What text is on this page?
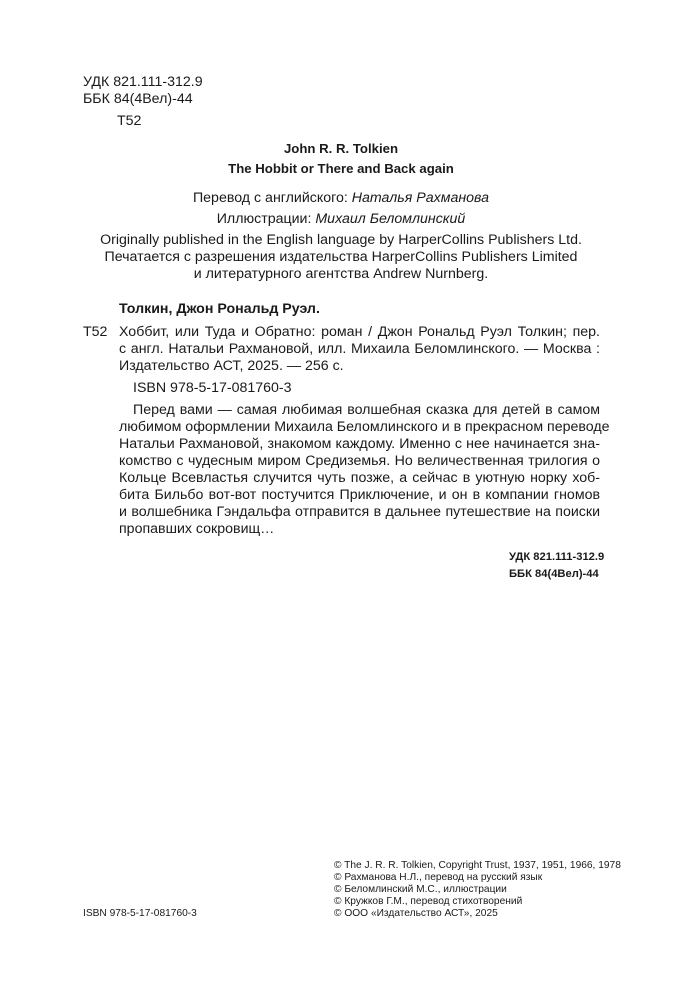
УДК 821.111-312.9
ББК 84(4Вел)-44
Т52
John R. R. Tolkien
The Hobbit or There and Back again
Перевод с английского: Наталья Рахманова
Иллюстрации: Михаил Беломлинский
Originally published in the English language by HarperCollins Publishers Ltd.
Печатается с разрешения издательства HarperCollins Publishers Limited
и литературного агентства Andrew Nurnberg.
Толкин, Джон Рональд Руэл.
Т52 Хоббит, или Туда и Обратно: роман / Джон Рональд Руэл Толкин; пер.
с англ. Натальи Рахмановой, илл. Михаила Беломлинского. — Москва :
Издательство АСТ, 2025. — 256 с.
ISBN 978-5-17-081760-3
Перед вами — самая любимая волшебная сказка для детей в самом
любимом оформлении Михаила Беломлинского и в прекрасном переводе
Натальи Рахмановой, знакомом каждому. Именно с нее начинается зна-
комство с чудесным миром Средиземья. Но величественная трилогия о
Кольце Всевластья случится чуть позже, а сейчас в уютную норку хоб-
бита Бильбо вот-вот постучится Приключение, и он в компании гномов
и волшебника Гэндальфа отправится в дальнее путешествие на поиски
пропавших сокровищ…
УДК 821.111-312.9
ББК 84(4Вел)-44
ISBN 978-5-17-081760-3
© The J. R. R. Tolkien, Copyright Trust, 1937, 1951, 1966, 1978
© Рахманова Н.Л., перевод на русский язык
© Беломлинский М.С., иллюстрации
© Кружков Г.М., перевод стихотворений
© ООО «Издательство АСТ», 2025
